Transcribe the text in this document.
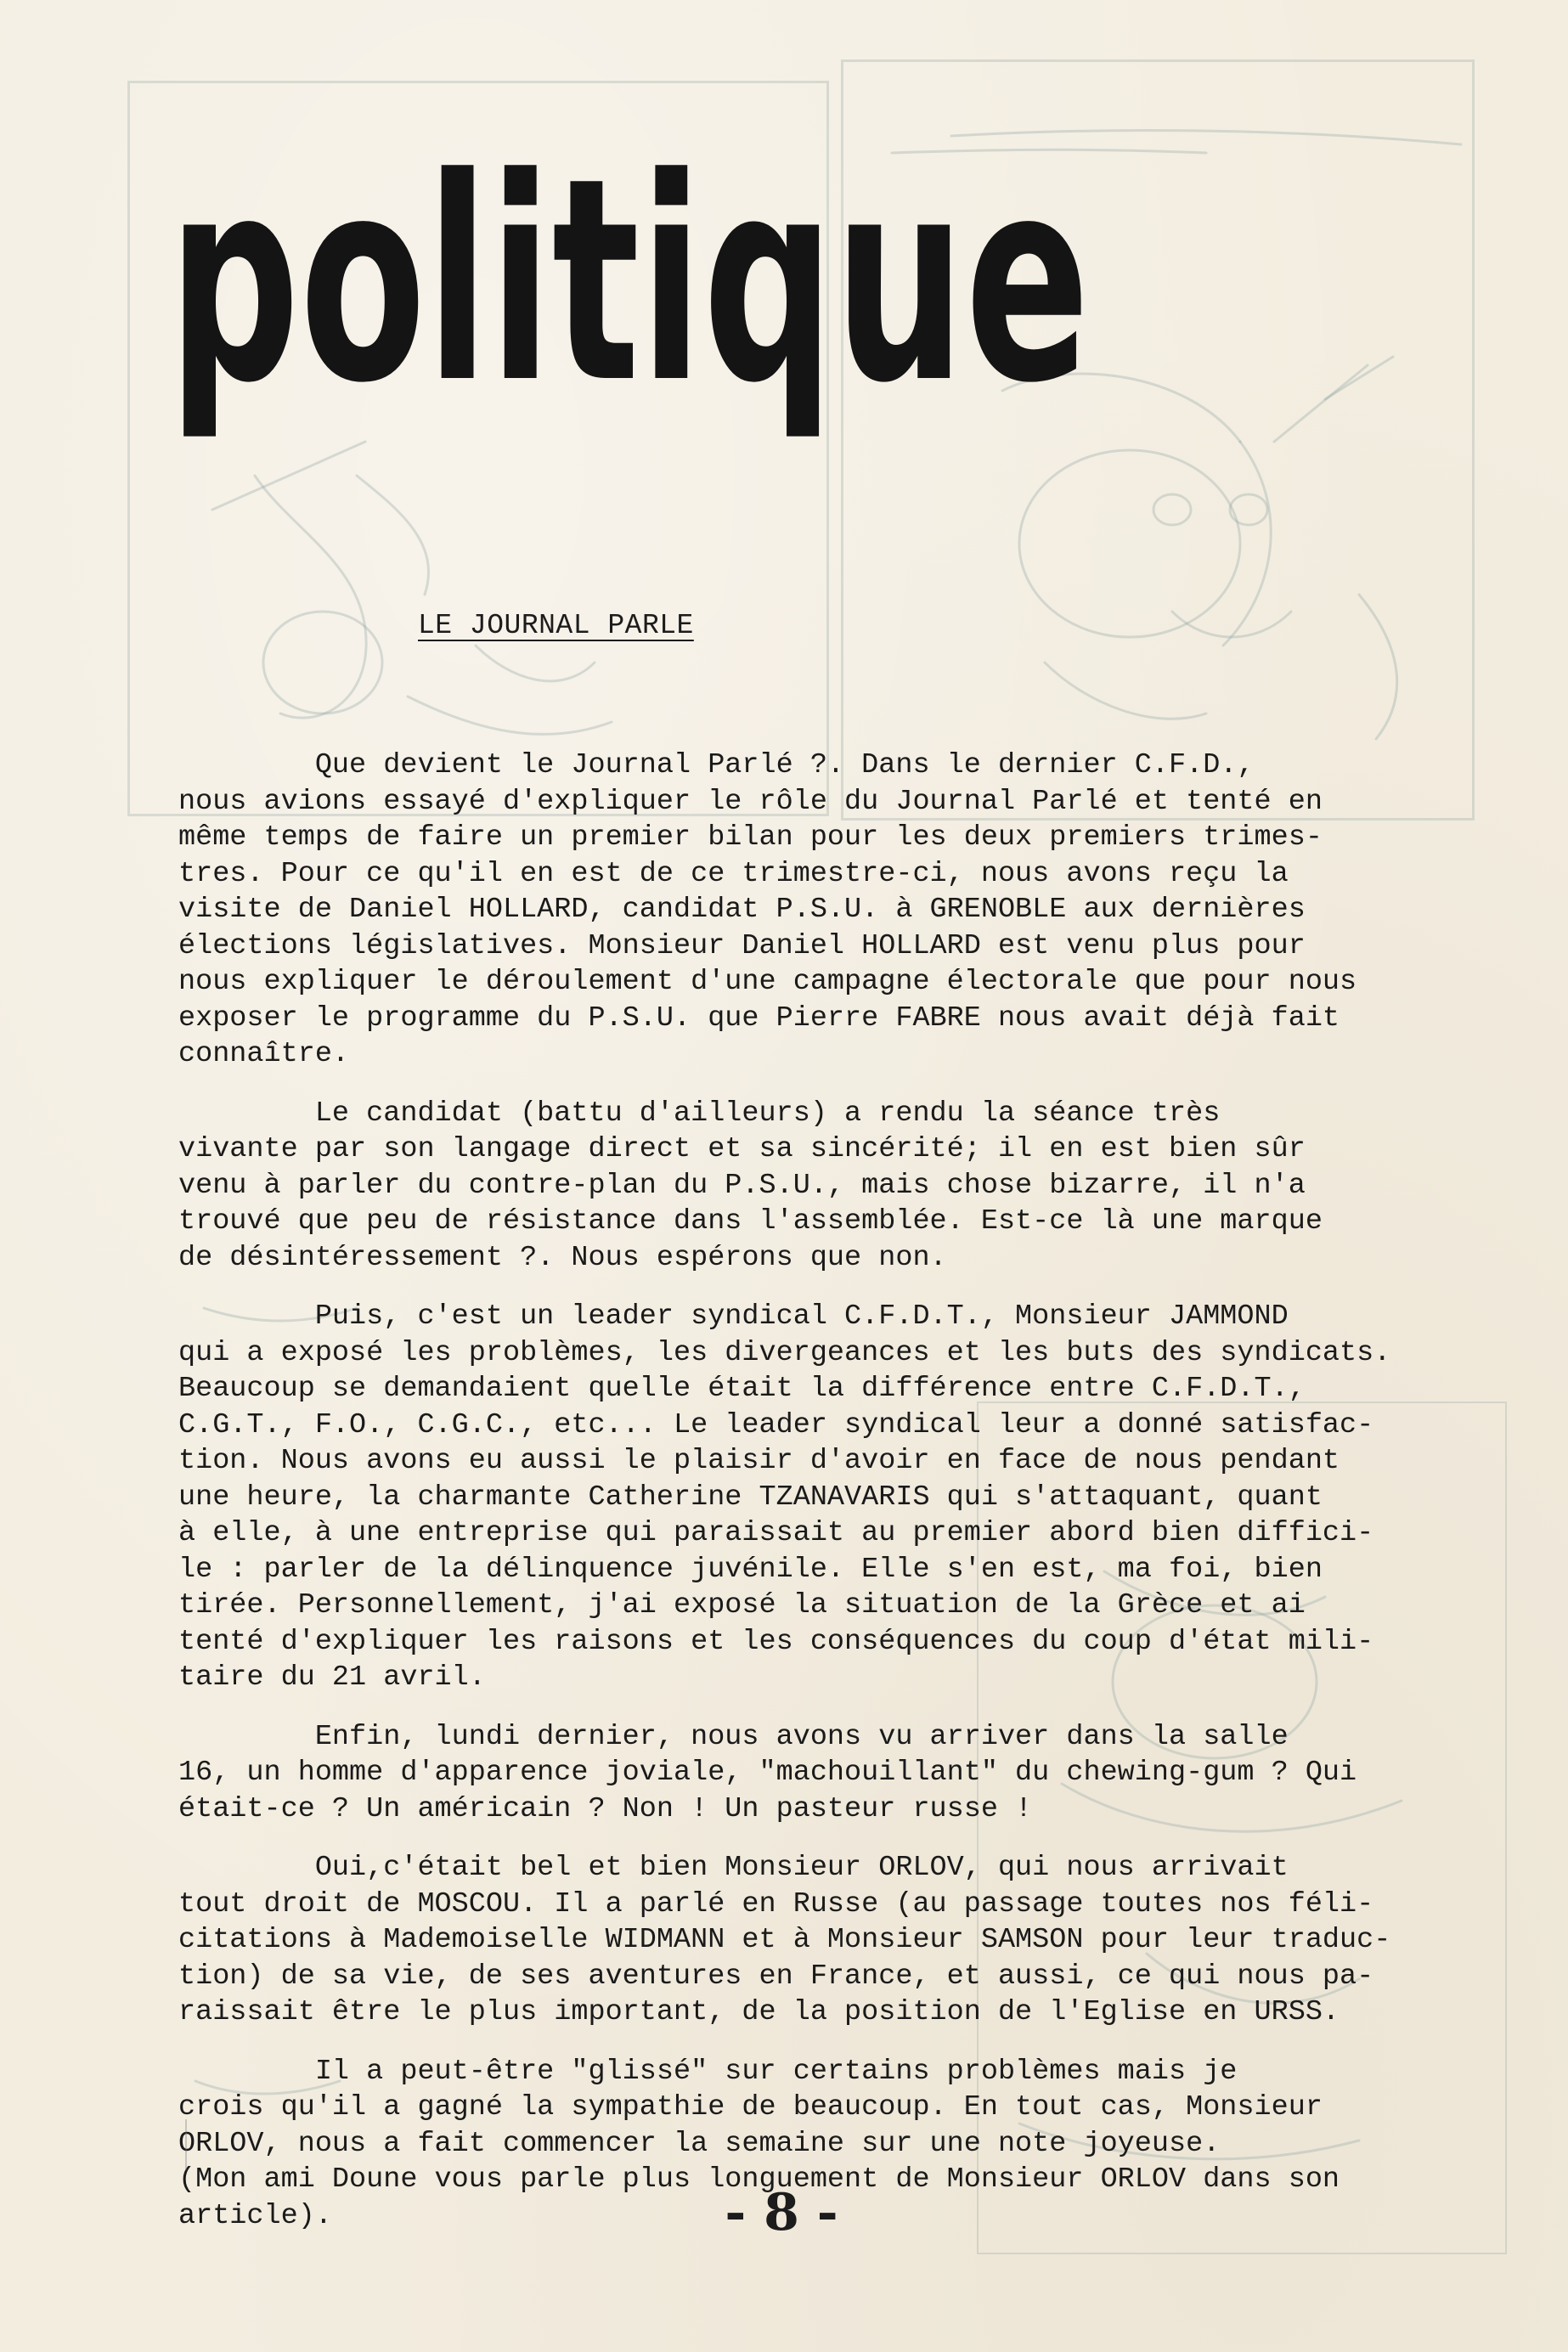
politique
LE JOURNAL PARLE
Que devient le Journal Parlé ?. Dans le dernier C.F.D.,
nous avions essayé d'expliquer le rôle du Journal Parlé et tenté en
même temps de faire un premier bilan pour les deux premiers trimes-
tres. Pour ce qu'il en est de ce trimestre-ci, nous avons reçu la
visite de Daniel HOLLARD, candidat P.S.U. à GRENOBLE aux dernières
élections législatives. Monsieur Daniel HOLLARD est venu plus pour
nous expliquer le déroulement d'une campagne électorale que pour nous
exposer le programme du P.S.U. que Pierre FABRE nous avait déjà fait
connaître.
Le candidat (battu d'ailleurs) a rendu la séance très
vivante par son langage direct et sa sincérité; il en est bien sûr
venu à parler du contre-plan du P.S.U., mais chose bizarre, il n'a
trouvé que peu de résistance dans l'assemblée. Est-ce là une marque
de désintéressement ?. Nous espérons que non.
Puis, c'est un leader syndical C.F.D.T., Monsieur JAMMOND
qui a exposé les problèmes, les divergeances et les buts des syndicats.
Beaucoup se demandaient quelle était la différence entre C.F.D.T.,
C.G.T., F.O., C.G.C., etc... Le leader syndical leur a donné satisfac-
tion. Nous avons eu aussi le plaisir d'avoir en face de nous pendant
une heure, la charmante Catherine TZANAVARIS qui s'attaquant, quant
à elle, à une entreprise qui paraissait au premier abord bien diffici-
le : parler de la délinquence juvénile. Elle s'en est, ma foi, bien
tirée. Personnellement, j'ai exposé la situation de la Grèce et ai
tenté d'expliquer les raisons et les conséquences du coup d'état mili-
taire du 21 avril.
Enfin, lundi dernier, nous avons vu arriver dans la salle
16, un homme d'apparence joviale, "machouillant" du chewing-gum ? Qui
était-ce ? Un américain ? Non ! Un pasteur russe !
Oui,c'était bel et bien Monsieur ORLOV, qui nous arrivait
tout droit de MOSCOU. Il a parlé en Russe (au passage toutes nos féli-
citations à Mademoiselle WIDMANN et à Monsieur SAMSON pour leur traduc-
tion) de sa vie, de ses aventures en France, et aussi, ce qui nous pa-
raissait être le plus important, de la position de l'Eglise en URSS.
Il a peut-être "glissé" sur certains problèmes mais je
crois qu'il a gagné la sympathie de beaucoup. En tout cas, Monsieur
ORLOV, nous a fait commencer la semaine sur une note joyeuse.
(Mon ami Doune vous parle plus longuement de Monsieur ORLOV dans son
article).	- 8 -
